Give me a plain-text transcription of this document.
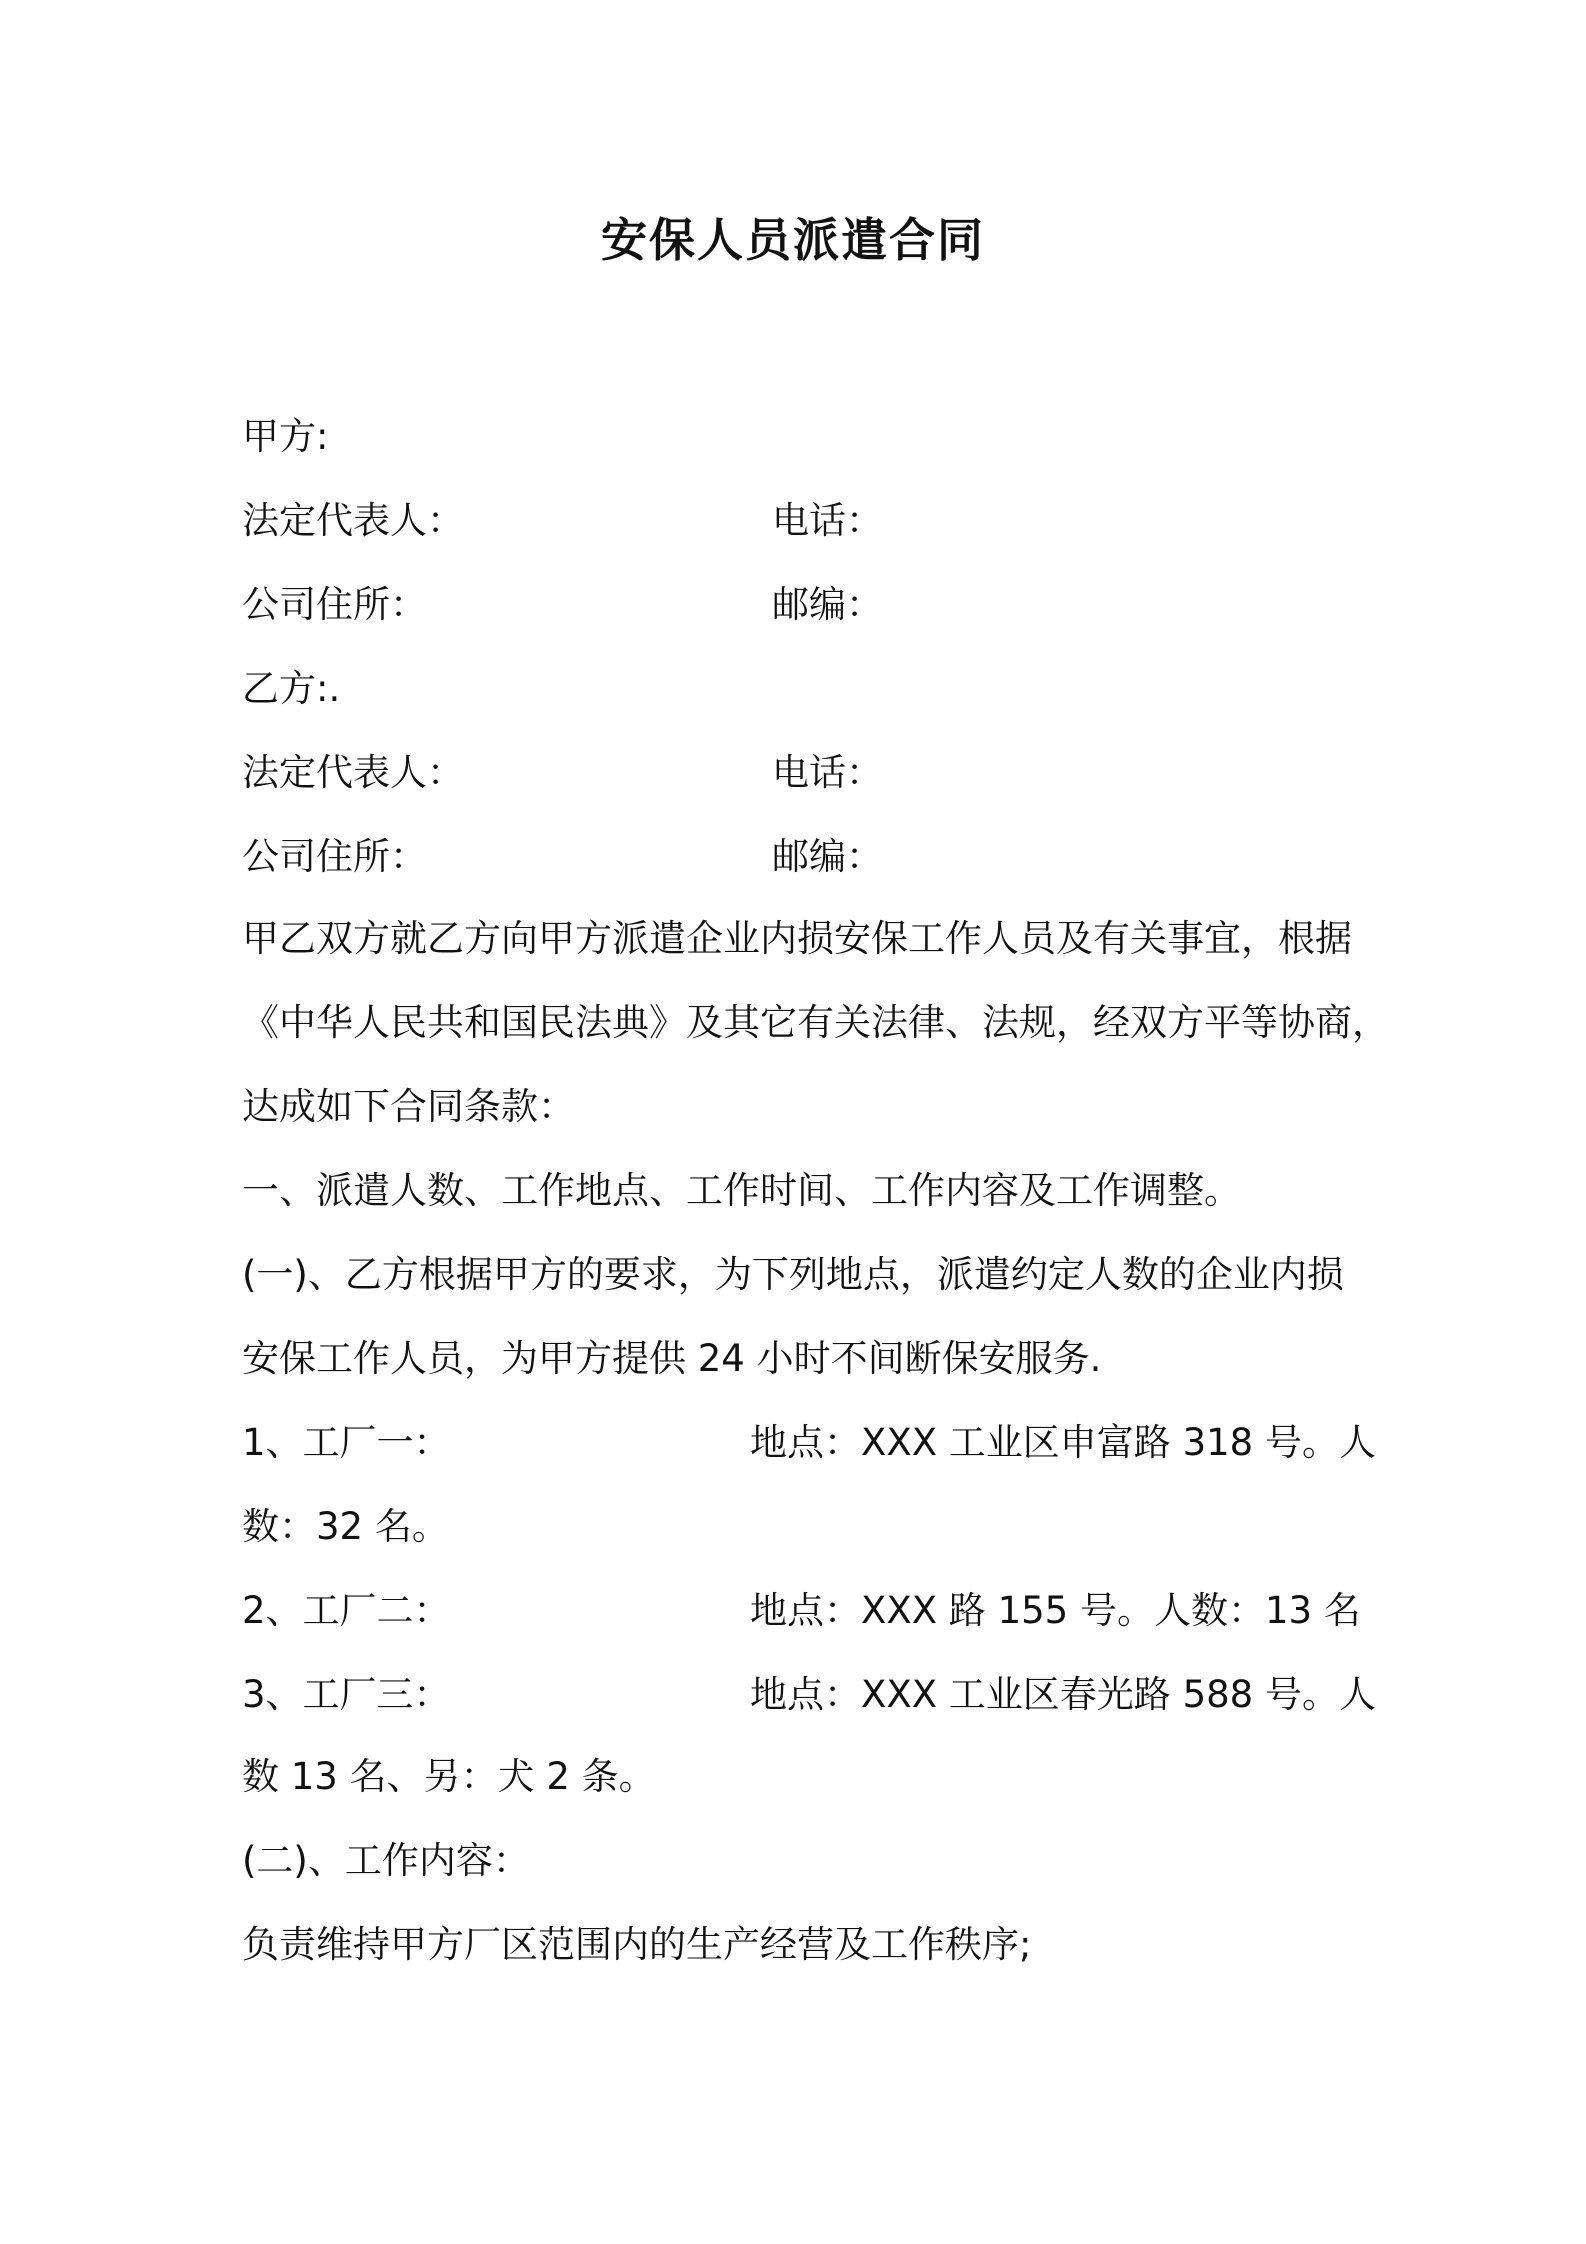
安保人员派遣合同
甲方:
法定代表人：	电话：
公司住所：	邮编：
乙方:.
法定代表人：	电话：
公司住所：	邮编：
甲乙双方就乙方向甲方派遣企业内损安保工作人员及有关事宜，根据
《中华人民共和国民法典》及其它有关法律、法规，经双方平等协商，
达成如下合同条款：
一、派遣人数、工作地点、工作时间、工作内容及工作调整。
(一)、乙方根据甲方的要求，为下列地点，派遣约定人数的企业内损
安保工作人员，为甲方提供 24 小时不间断保安服务.
1、工厂一：	地点：XXX 工业区申富路 318 号。人
数：32 名。
2、工厂二：	地点：XXX 路 155 号。人数：13 名
3、工厂三：	地点：XXX 工业区春光路 588 号。人
数 13 名、另：犬 2 条。
(二)、工作内容：
负责维持甲方厂区范围内的生产经营及工作秩序;
